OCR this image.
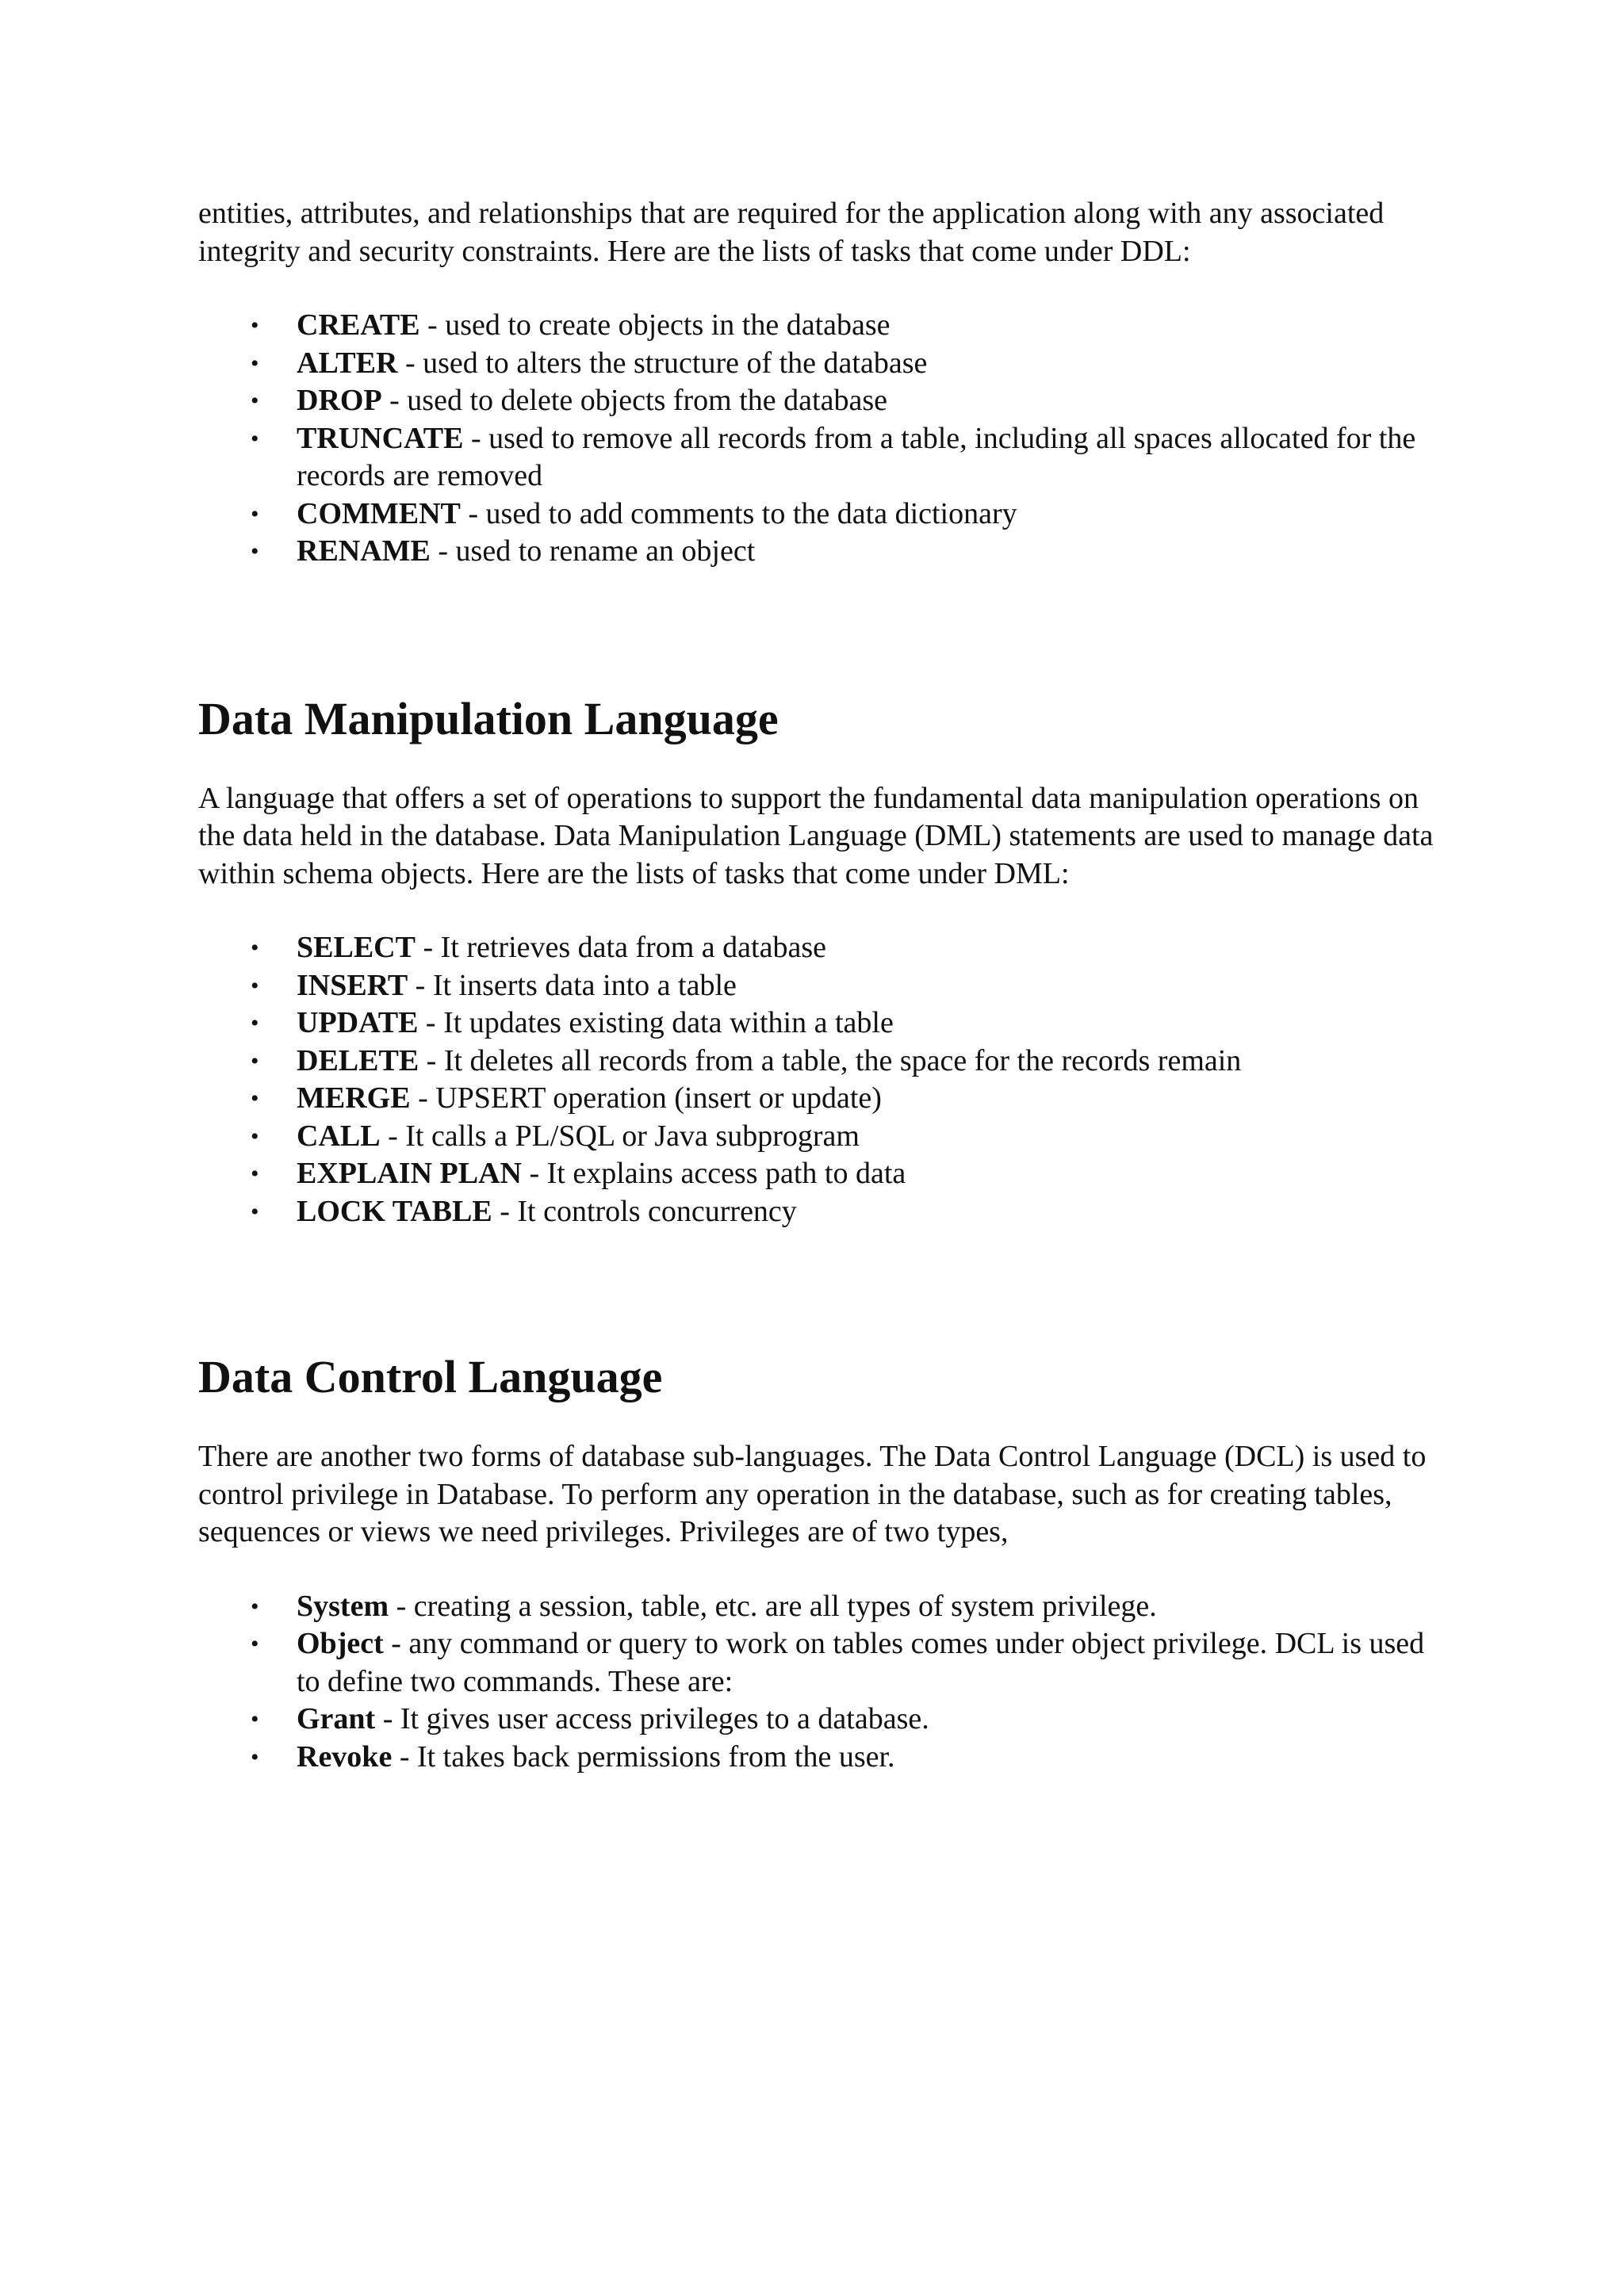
entities, attributes, and relationships that are required for the application along with any associated integrity and security constraints. Here are the lists of tasks that come under DDL:

• CREATE - used to create objects in the database
• ALTER - used to alters the structure of the database
• DROP - used to delete objects from the database
• TRUNCATE - used to remove all records from a table, including all spaces allocated for the records are removed
• COMMENT - used to add comments to the data dictionary
• RENAME - used to rename an object
Data Manipulation Language

A language that offers a set of operations to support the fundamental data manipulation operations on the data held in the database. Data Manipulation Language (DML) statements are used to manage data within schema objects. Here are the lists of tasks that come under DML:

• SELECT - It retrieves data from a database
• INSERT - It inserts data into a table
• UPDATE - It updates existing data within a table
• DELETE - It deletes all records from a table, the space for the records remain
• MERGE - UPSERT operation (insert or update)
• CALL - It calls a PL/SQL or Java subprogram
• EXPLAIN PLAN - It explains access path to data
• LOCK TABLE - It controls concurrency
Data Control Language

There are another two forms of database sub-languages. The Data Control Language (DCL) is used to control privilege in Database. To perform any operation in the database, such as for creating tables, sequences or views we need privileges. Privileges are of two types,

• System - creating a session, table, etc. are all types of system privilege.
• Object - any command or query to work on tables comes under object privilege. DCL is used to define two commands. These are:
• Grant - It gives user access privileges to a database.
• Revoke - It takes back permissions from the user.
